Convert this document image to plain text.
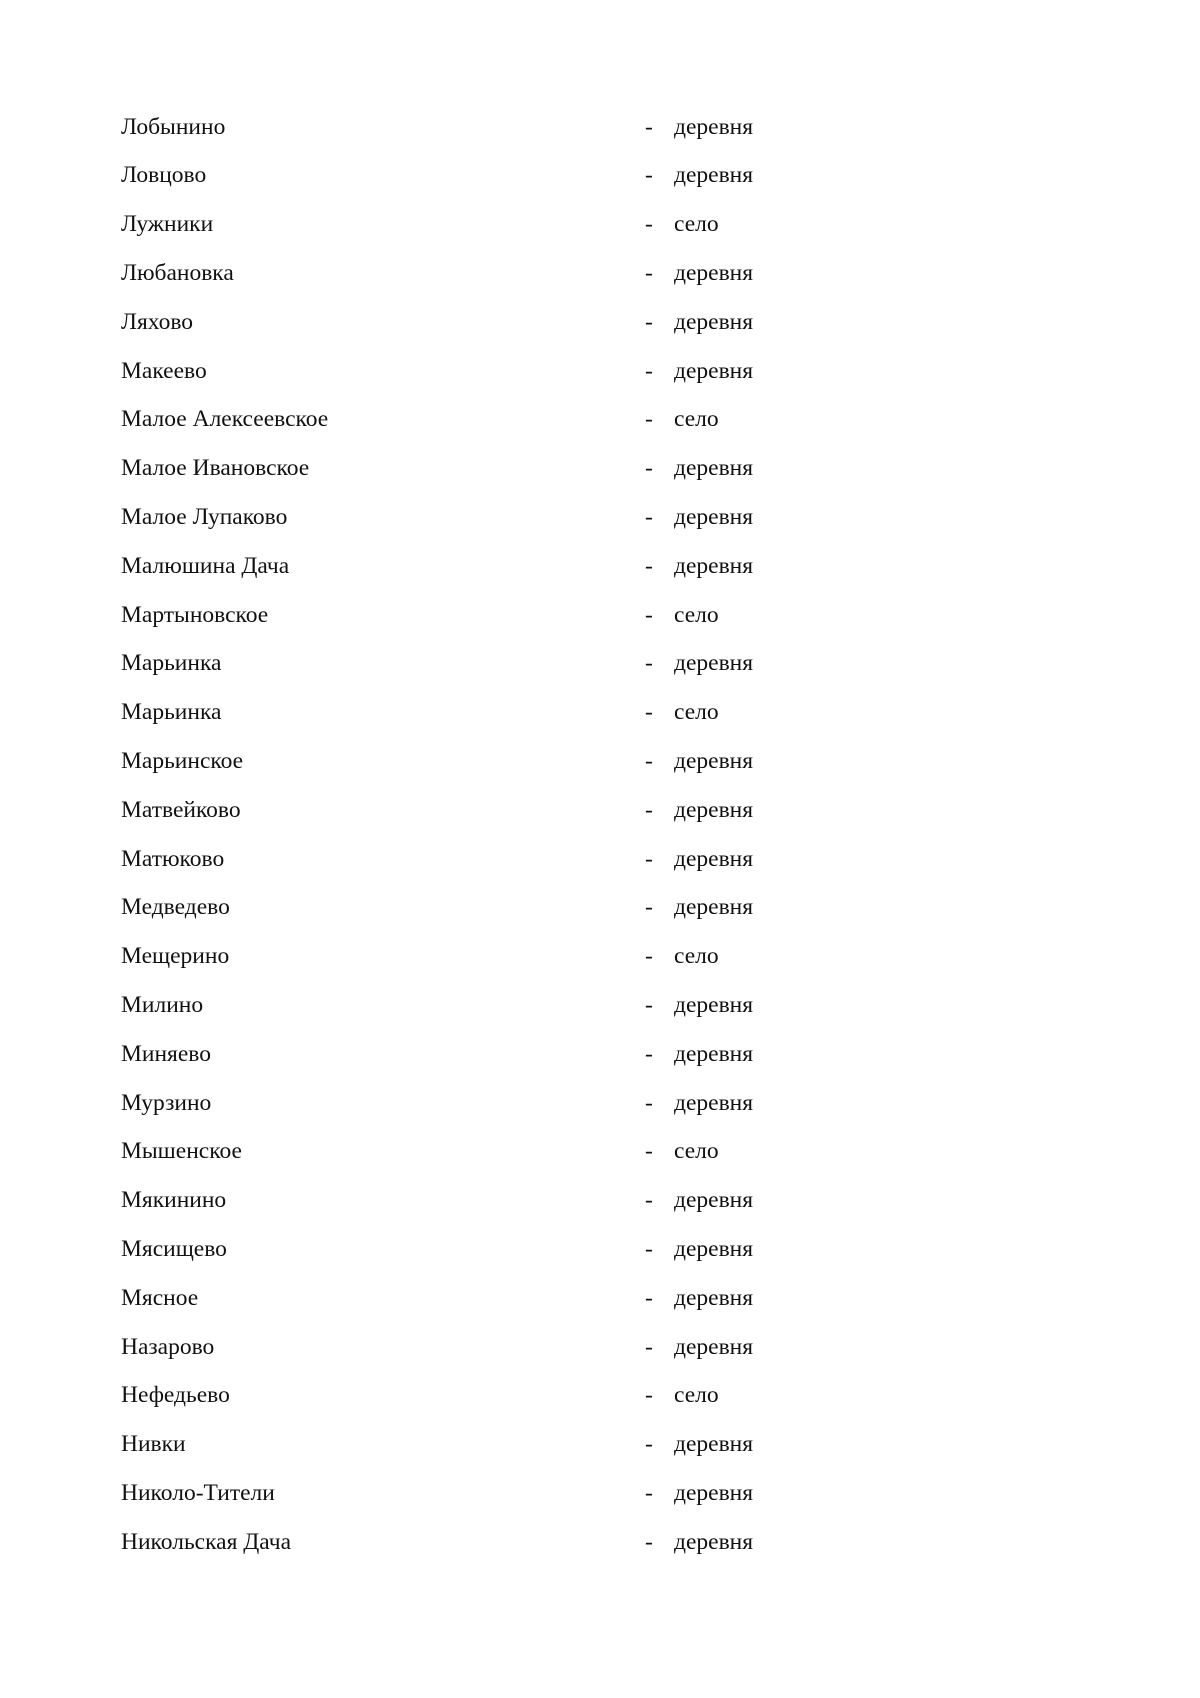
Лобынино	- деревня
Ловцово	- деревня
Лужники	- село
Любановка	- деревня
Ляхово	- деревня
Макеево	- деревня
Малое Алексеевское	- село
Малое Ивановское	- деревня
Малое Лупаково	- деревня
Малюшина Дача	- деревня
Мартыновское	- село
Марьинка	- деревня
Марьинка	- село
Марьинское	- деревня
Матвейково	- деревня
Матюково	- деревня
Медведево	- деревня
Мещерино	- село
Милино	- деревня
Миняево	- деревня
Мурзино	- деревня
Мышенское	- село
Мякинино	- деревня
Мясищево	- деревня
Мясное	- деревня
Назарово	- деревня
Нефедьево	- село
Нивки	- деревня
Николо-Тители	- деревня
Никольская Дача	- деревня
